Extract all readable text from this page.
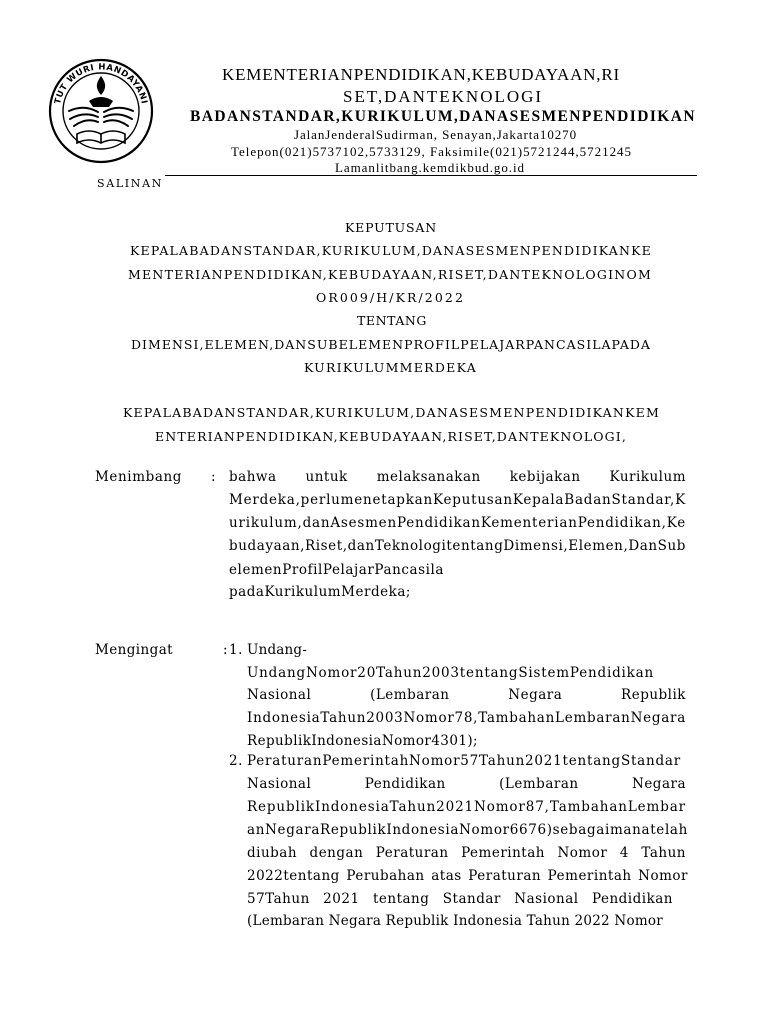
TUT WURI HANDAYANI
KEMENTERIANPENDIDIKAN,KEBUDAYAAN,RI
SET,DANTEKNOLOGI
BADANSTANDAR,KURIKULUM,DANASESMENPENDIDIKAN
JalanJenderalSudirman, Senayan,Jakarta10270
Telepon(021)5737102,5733129, Faksimile(021)5721244,5721245
Lamanlitbang.kemdikbud.go.id
SALINAN
KEPUTUSAN
KEPALABADANSTANDAR,KURIKULUM,DANASESMENPENDIDIKANKE
MENTERIANPENDIDIKAN,KEBUDAYAAN,RISET,DANTEKNOLOGINOM
OR009/H/KR/2022
TENTANG
DIMENSI,ELEMEN,DANSUBELEMENPROFILPELAJARPANCASILAPADA
KURIKULUMMERDEKA
KEPALABADANSTANDAR,KURIKULUM,DANASESMENPENDIDIKANKEM
ENTERIANPENDIDIKAN,KEBUDAYAAN,RISET,DANTEKNOLOGI,
Menimbang : bahwa untuk melaksanakan kebijakan Kurikulum
Merdeka,perlumenetapkanKeputusanKepalaBadanStandar,K
urikulum,danAsesmenPendidikanKementerianPendidikan,Ke
budayaan,Riset,danTeknologitentangDimensi,Elemen,DanSub
elemenProfilPelajarPancasila
padaKurikulumMerdeka;
Mengingat	: 1. Undang-
UndangNomor20Tahun2003tentangSistemPendidikan
Nasional (Lembaran Negara Republik
IndonesiaTahun2003Nomor78,TambahanLembaranNegara
RepublikIndonesiaNomor4301);
2. PeraturanPemerintahNomor57Tahun2021tentangStandar
Nasional Pendidikan (Lembaran Negara
RepublikIndonesiaTahun2021Nomor87,TambahanLembar
anNegaraRepublikIndonesiaNomor6676)sebagaimanatelah
diubah dengan Peraturan Pemerintah Nomor 4 Tahun
2022tentang Perubahan atas Peraturan Pemerintah Nomor
57Tahun 2021 tentang Standar Nasional Pendidikan
(Lembaran Negara Republik Indonesia Tahun 2022 Nomor
